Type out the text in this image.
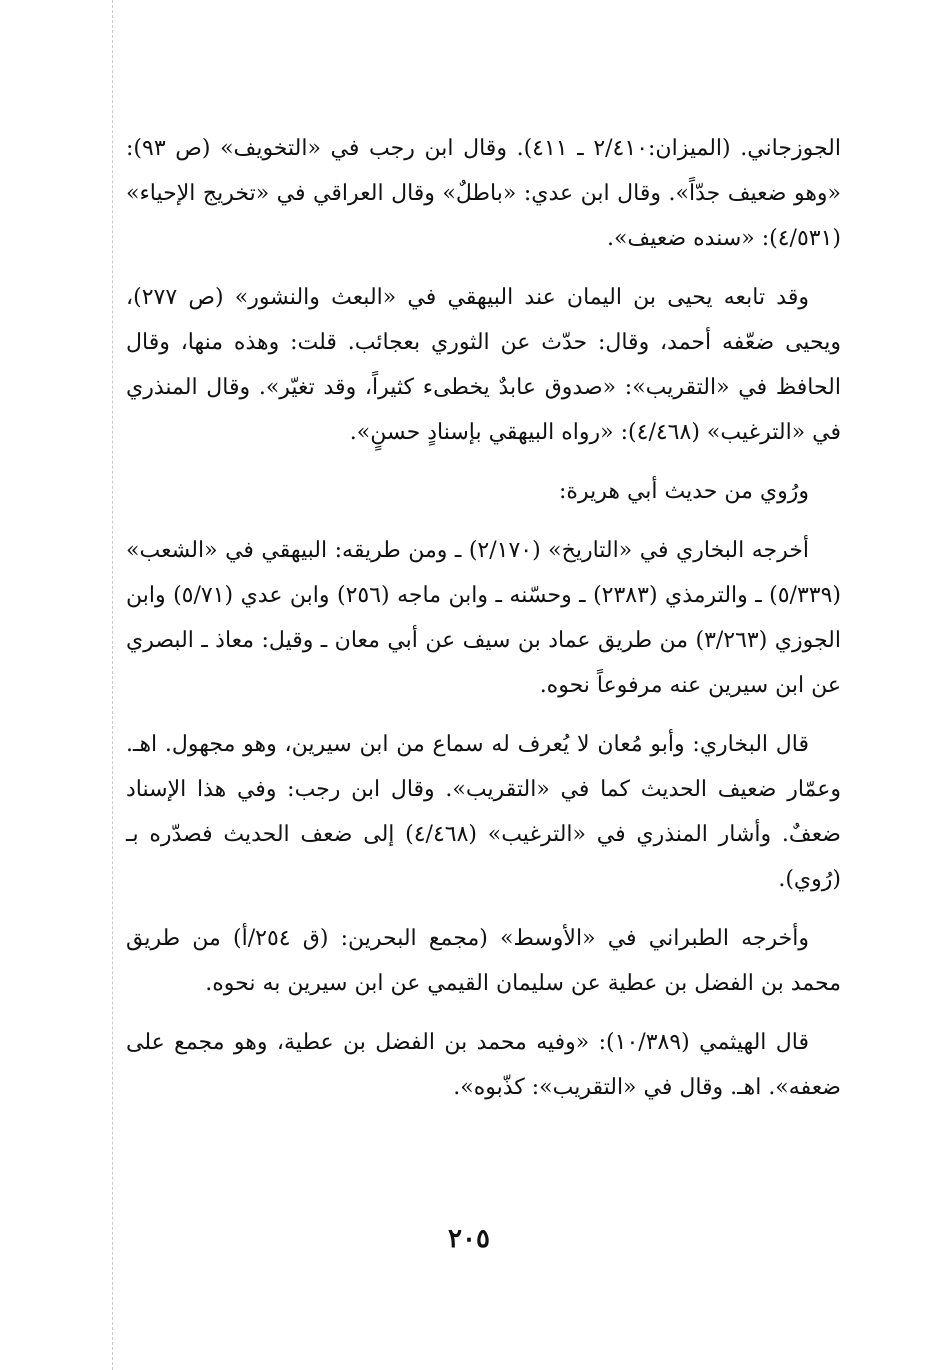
الجوزجاني. (الميزان:٢/٤١٠ ـ ٤١١). وقال ابن رجب في «التخويف» (ص ٩٣): «وهو ضعيف جدّاً». وقال ابن عدي: «باطلٌ» وقال العراقي في «تخريج الإحياء» (٤/٥٣١): «سنده ضعيف».

وقد تابعه يحيى بن اليمان عند البيهقي في «البعث والنشور» (ص ٢٧٧)، ويحيى ضعّفه أحمد، وقال: حدّث عن الثوري بعجائب. قلت: وهذه منها، وقال الحافظ في «التقريب»: «صدوق عابدٌ يخطىء كثيراً، وقد تغيّر». وقال المنذري في «الترغيب» (٤/٤٦٨): «رواه البيهقي بإسنادٍ حسنٍ».

ورُوي من حديث أبي هريرة:

أخرجه البخاري في «التاريخ» (٢/١٧٠) ـ ومن طريقه: البيهقي في «الشعب» (٥/٣٣٩) ـ والترمذي (٢٣٨٣) ـ وحسّنه ـ وابن ماجه (٢٥٦) وابن عدي (٥/٧١) وابن الجوزي (٣/٢٦٣) من طريق عماد بن سيف عن أبي معان ـ وقيل: معاذ ـ البصري عن ابن سيرين عنه مرفوعاً نحوه.

قال البخاري: وأبو مُعان لا يُعرف له سماع من ابن سيرين، وهو مجهول. اهـ. وعمّار ضعيف الحديث كما في «التقريب». وقال ابن رجب: وفي هذا الإسناد ضعفٌ. وأشار المنذري في «الترغيب» (٤/٤٦٨) إلى ضعف الحديث فصدّره بـ (رُوي).

وأخرجه الطبراني في «الأوسط» (مجمع البحرين: (ق ٢٥٤/أ) من طريق محمد بن الفضل بن عطية عن سليمان القيمي عن ابن سيرين به نحوه.

قال الهيثمي (١٠/٣٨٩): «وفيه محمد بن الفضل بن عطية، وهو مجمع على ضعفه». اهـ. وقال في «التقريب»: كذّبوه».

٢٠٥
